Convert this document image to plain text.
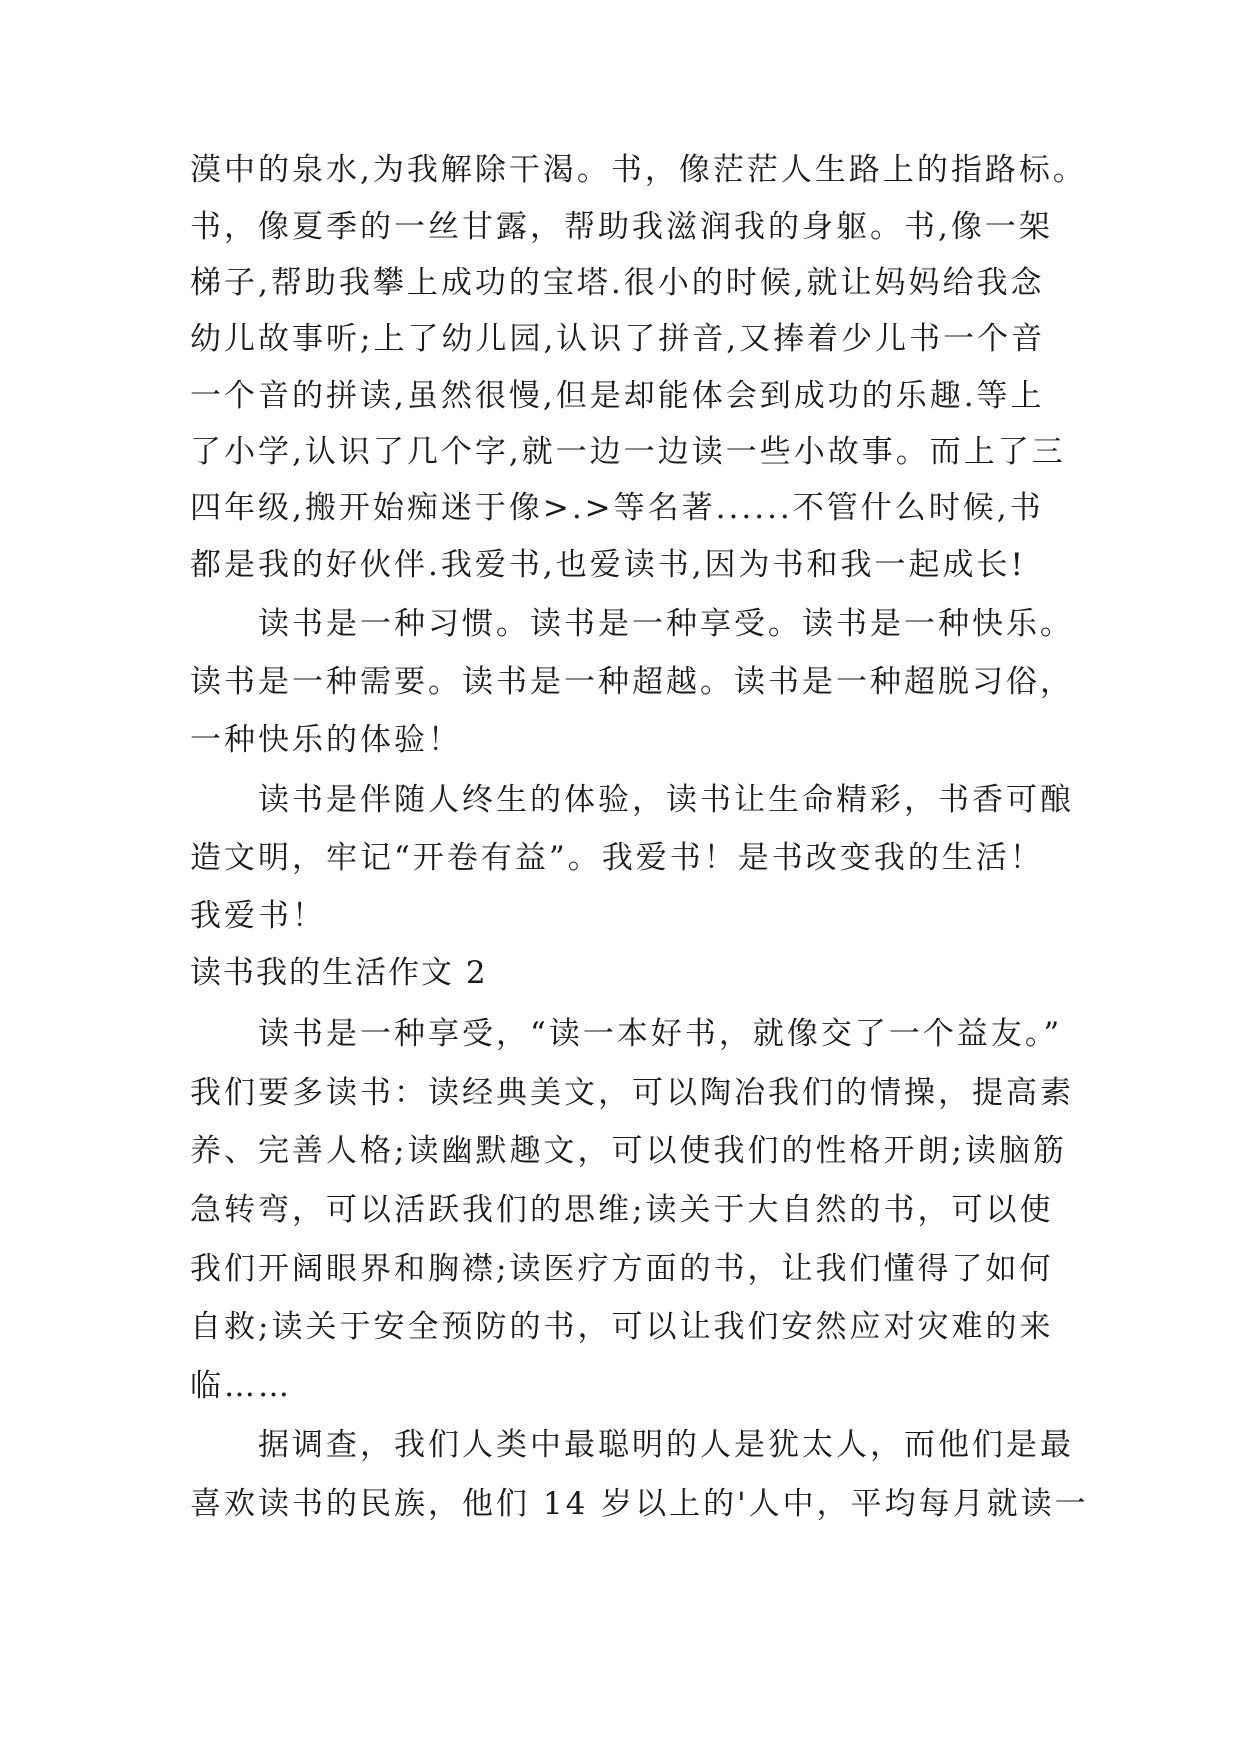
漠中的泉水,为我解除干渴。书，像茫茫人生路上的指路标。
书，像夏季的一丝甘露，帮助我滋润我的身躯。书,像一架
梯子,帮助我攀上成功的宝塔.很小的时候,就让妈妈给我念
幼儿故事听;上了幼儿园,认识了拼音,又捧着少儿书一个音
一个音的拼读,虽然很慢,但是却能体会到成功的乐趣.等上
了小学,认识了几个字,就一边一边读一些小故事。而上了三
四年级,搬开始痴迷于像>.>等名著......不管什么时候,书
都是我的好伙伴.我爱书,也爱读书,因为书和我一起成长!
读书是一种习惯。读书是一种享受。读书是一种快乐。
读书是一种需要。读书是一种超越。读书是一种超脱习俗，
一种快乐的体验！
读书是伴随人终生的体验，读书让生命精彩，书香可酿
造文明，牢记“开卷有益”。我爱书！是书改变我的生活！
我爱书！
读书我的生活作文 2
读书是一种享受，“读一本好书，就像交了一个益友。”
我们要多读书：读经典美文，可以陶冶我们的情操，提高素
养、完善人格;读幽默趣文，可以使我们的性格开朗;读脑筋
急转弯，可以活跃我们的思维;读关于大自然的书，可以使
我们开阔眼界和胸襟;读医疗方面的书，让我们懂得了如何
自救;读关于安全预防的书，可以让我们安然应对灾难的来
临……
据调查，我们人类中最聪明的人是犹太人，而他们是最
喜欢读书的民族，他们 14 岁以上的'人中，平均每月就读一
